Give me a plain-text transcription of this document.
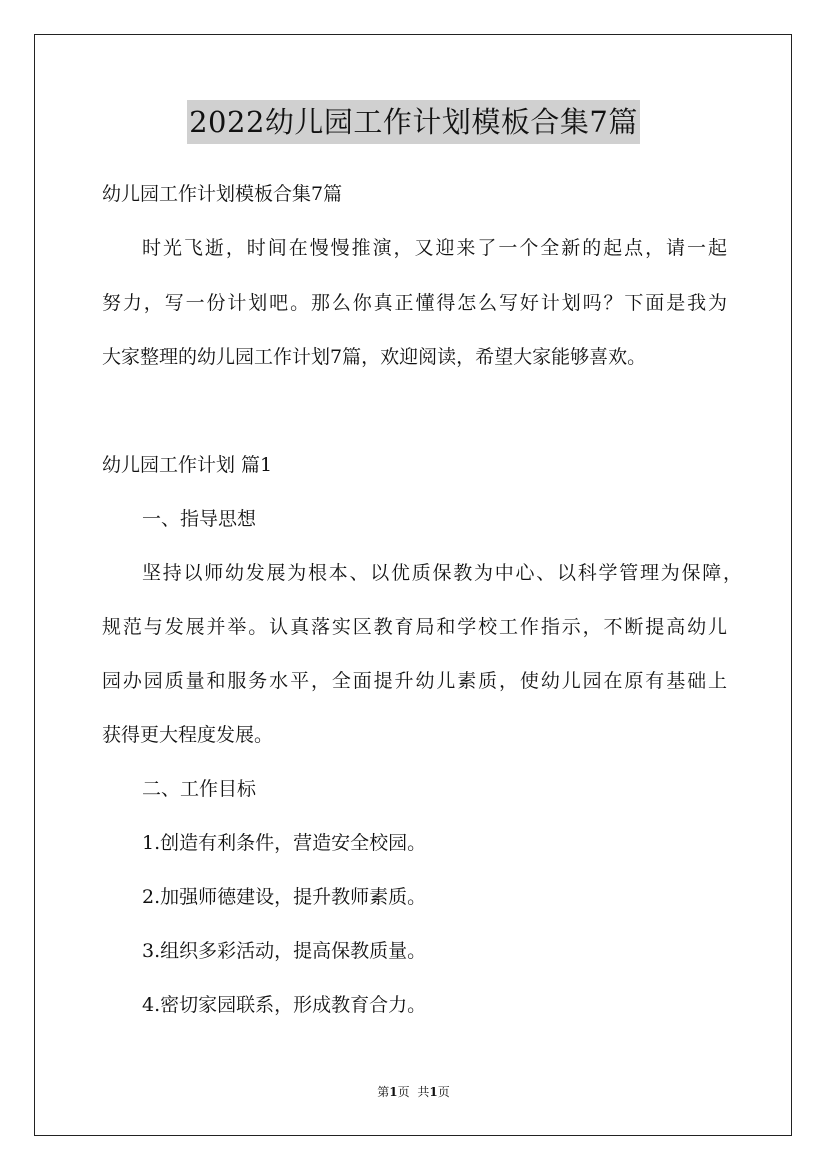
2022幼儿园工作计划模板合集7篇
幼儿园工作计划模板合集7篇
时光飞逝，时间在慢慢推演，又迎来了一个全新的起点，请一起
努力，写一份计划吧。那么你真正懂得怎么写好计划吗？下面是我为
大家整理的幼儿园工作计划7篇，欢迎阅读，希望大家能够喜欢。
幼儿园工作计划 篇1
一、指导思想
坚持以师幼发展为根本、以优质保教为中心、以科学管理为保障，
规范与发展并举。认真落实区教育局和学校工作指示，不断提高幼儿
园办园质量和服务水平，全面提升幼儿素质，使幼儿园在原有基础上
获得更大程度发展。
二、工作目标
1.创造有利条件，营造安全校园。
2.加强师德建设，提升教师素质。
3.组织多彩活动，提高保教质量。
4.密切家园联系，形成教育合力。
第1页 共1页
